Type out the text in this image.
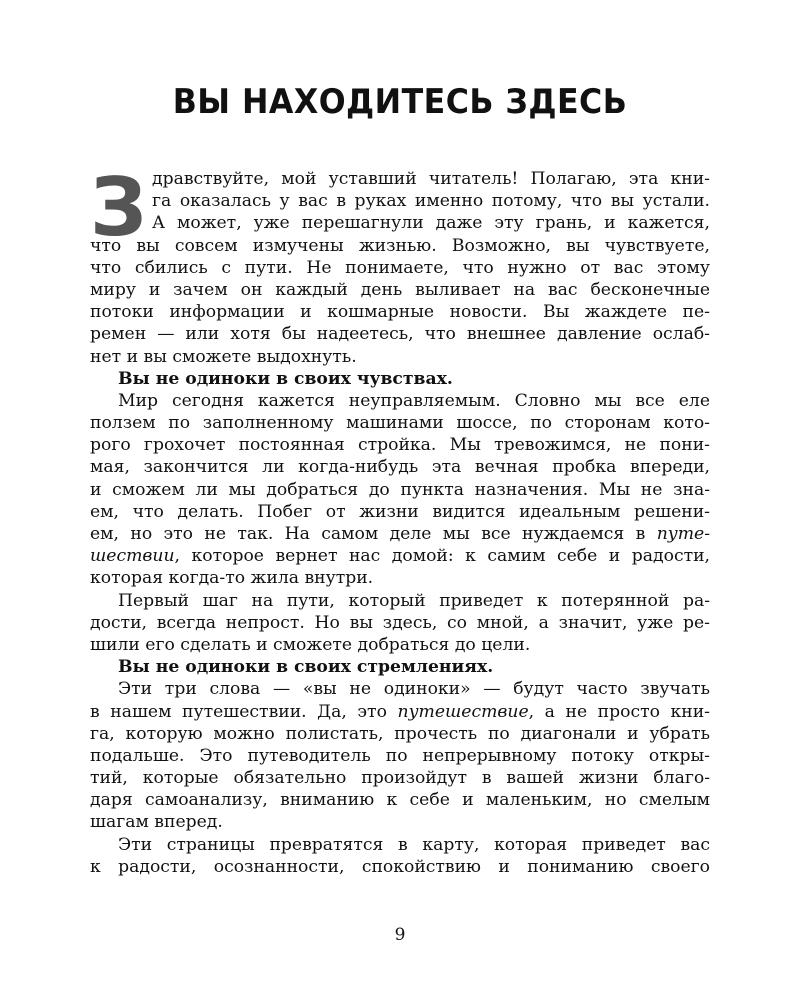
ВЫ НАХОДИТЕСЬ ЗДЕСЬ
З дравствуйте, мой уставший читатель! Полагаю, эта кни-
га оказалась у вас в руках именно потому, что вы устали.
А может, уже перешагнули даже эту грань, и кажется,
что вы совсем измучены жизнью. Возможно, вы чувствуете,
что сбились с пути. Не понимаете, что нужно от вас этому
миру и зачем он каждый день выливает на вас бесконечные
потоки информации и кошмарные новости. Вы жаждете пе-
ремен — или хотя бы надеетесь, что внешнее давление ослаб-
нет и вы сможете выдохнуть.
Вы не одиноки в своих чувствах.
Мир сегодня кажется неуправляемым. Словно мы все еле
ползем по заполненному машинами шоссе, по сторонам кото-
рого грохочет постоянная стройка. Мы тревожимся, не пони-
мая, закончится ли когда-нибудь эта вечная пробка впереди,
и сможем ли мы добраться до пункта назначения. Мы не зна-
ем, что делать. Побег от жизни видится идеальным решени-
ем, но это не так. На самом деле мы все нуждаемся в путе-
шествии, которое вернет нас домой: к самим себе и радости,
которая когда-то жила внутри.
Первый шаг на пути, который приведет к потерянной ра-
дости, всегда непрост. Но вы здесь, со мной, а значит, уже ре-
шили его сделать и сможете добраться до цели.
Вы не одиноки в своих стремлениях.
Эти три слова — «вы не одиноки» — будут часто звучать
в нашем путешествии. Да, это путешествие, а не просто кни-
га, которую можно полистать, прочесть по диагонали и убрать
подальше. Это путеводитель по непрерывному потоку откры-
тий, которые обязательно произойдут в вашей жизни благо-
даря самоанализу, вниманию к себе и маленьким, но смелым
шагам вперед.
Эти страницы превратятся в карту, которая приведет вас
к радости, осознанности, спокойствию и пониманию своего
9
